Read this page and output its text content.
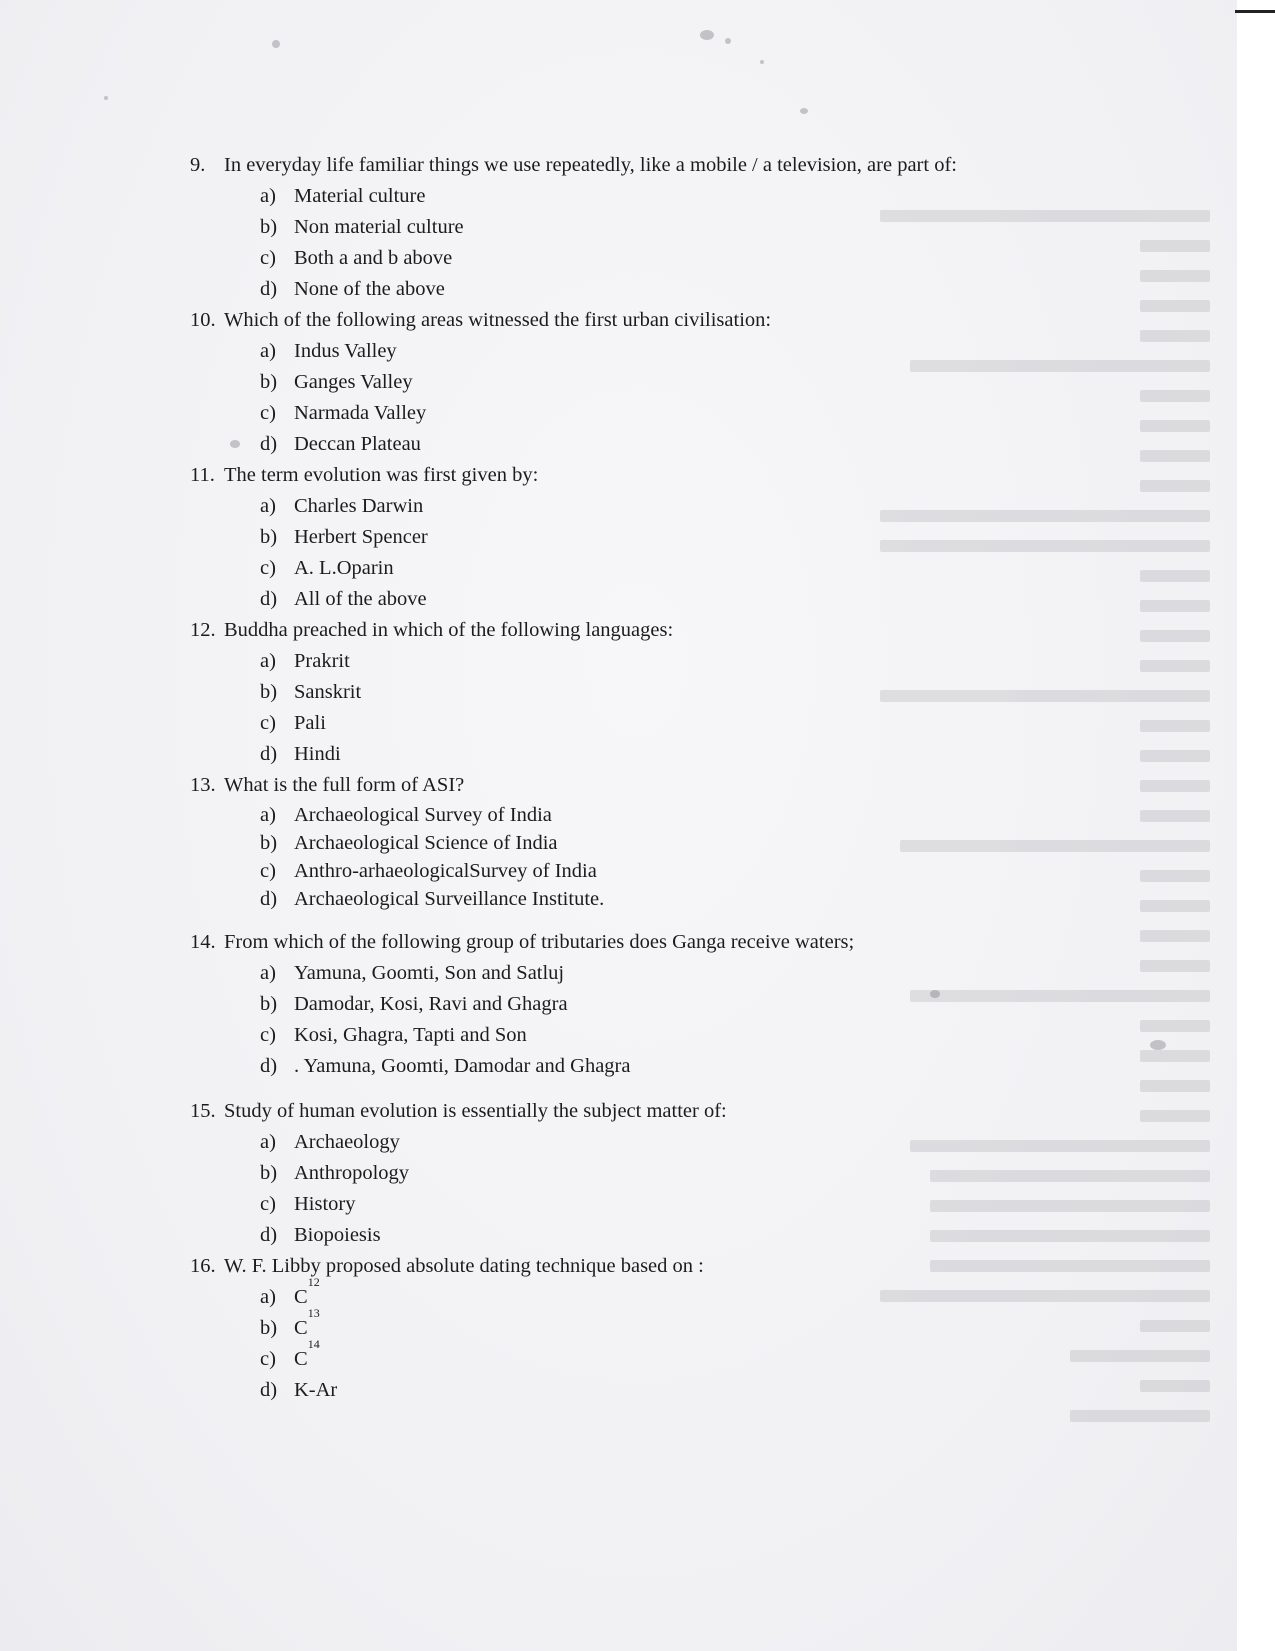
9. In everyday life familiar things we use repeatedly, like a mobile / a television, are part of:
a) Material culture
b) Non material culture
c) Both a and b above
d) None of the above
10. Which of the following areas witnessed the first urban civilisation:
a) Indus Valley
b) Ganges Valley
c) Narmada Valley
d) Deccan Plateau
11. The term evolution was first given by:
a) Charles Darwin
b) Herbert Spencer
c) A. L.Oparin
d) All of the above
12. Buddha preached in which of the following languages:
a) Prakrit
b) Sanskrit
c) Pali
d) Hindi
13. What is the full form of ASI?
a) Archaeological Survey of India
b) Archaeological Science of India
c) Anthro-arhaeologicalSurvey of India
d) Archaeological Surveillance Institute.
14. From which of the following group of tributaries does Ganga receive waters;
a) Yamuna, Goomti, Son and Satluj
b) Damodar, Kosi, Ravi and Ghagra
c) Kosi, Ghagra, Tapti and Son
d) . Yamuna, Goomti, Damodar and Ghagra
15. Study of human evolution is essentially the subject matter of:
a) Archaeology
b) Anthropology
c) History
d) Biopoiesis
16. W. F. Libby proposed absolute dating technique based on :
a) C
12
b) C
13
c) C
14
d) K-Ar
